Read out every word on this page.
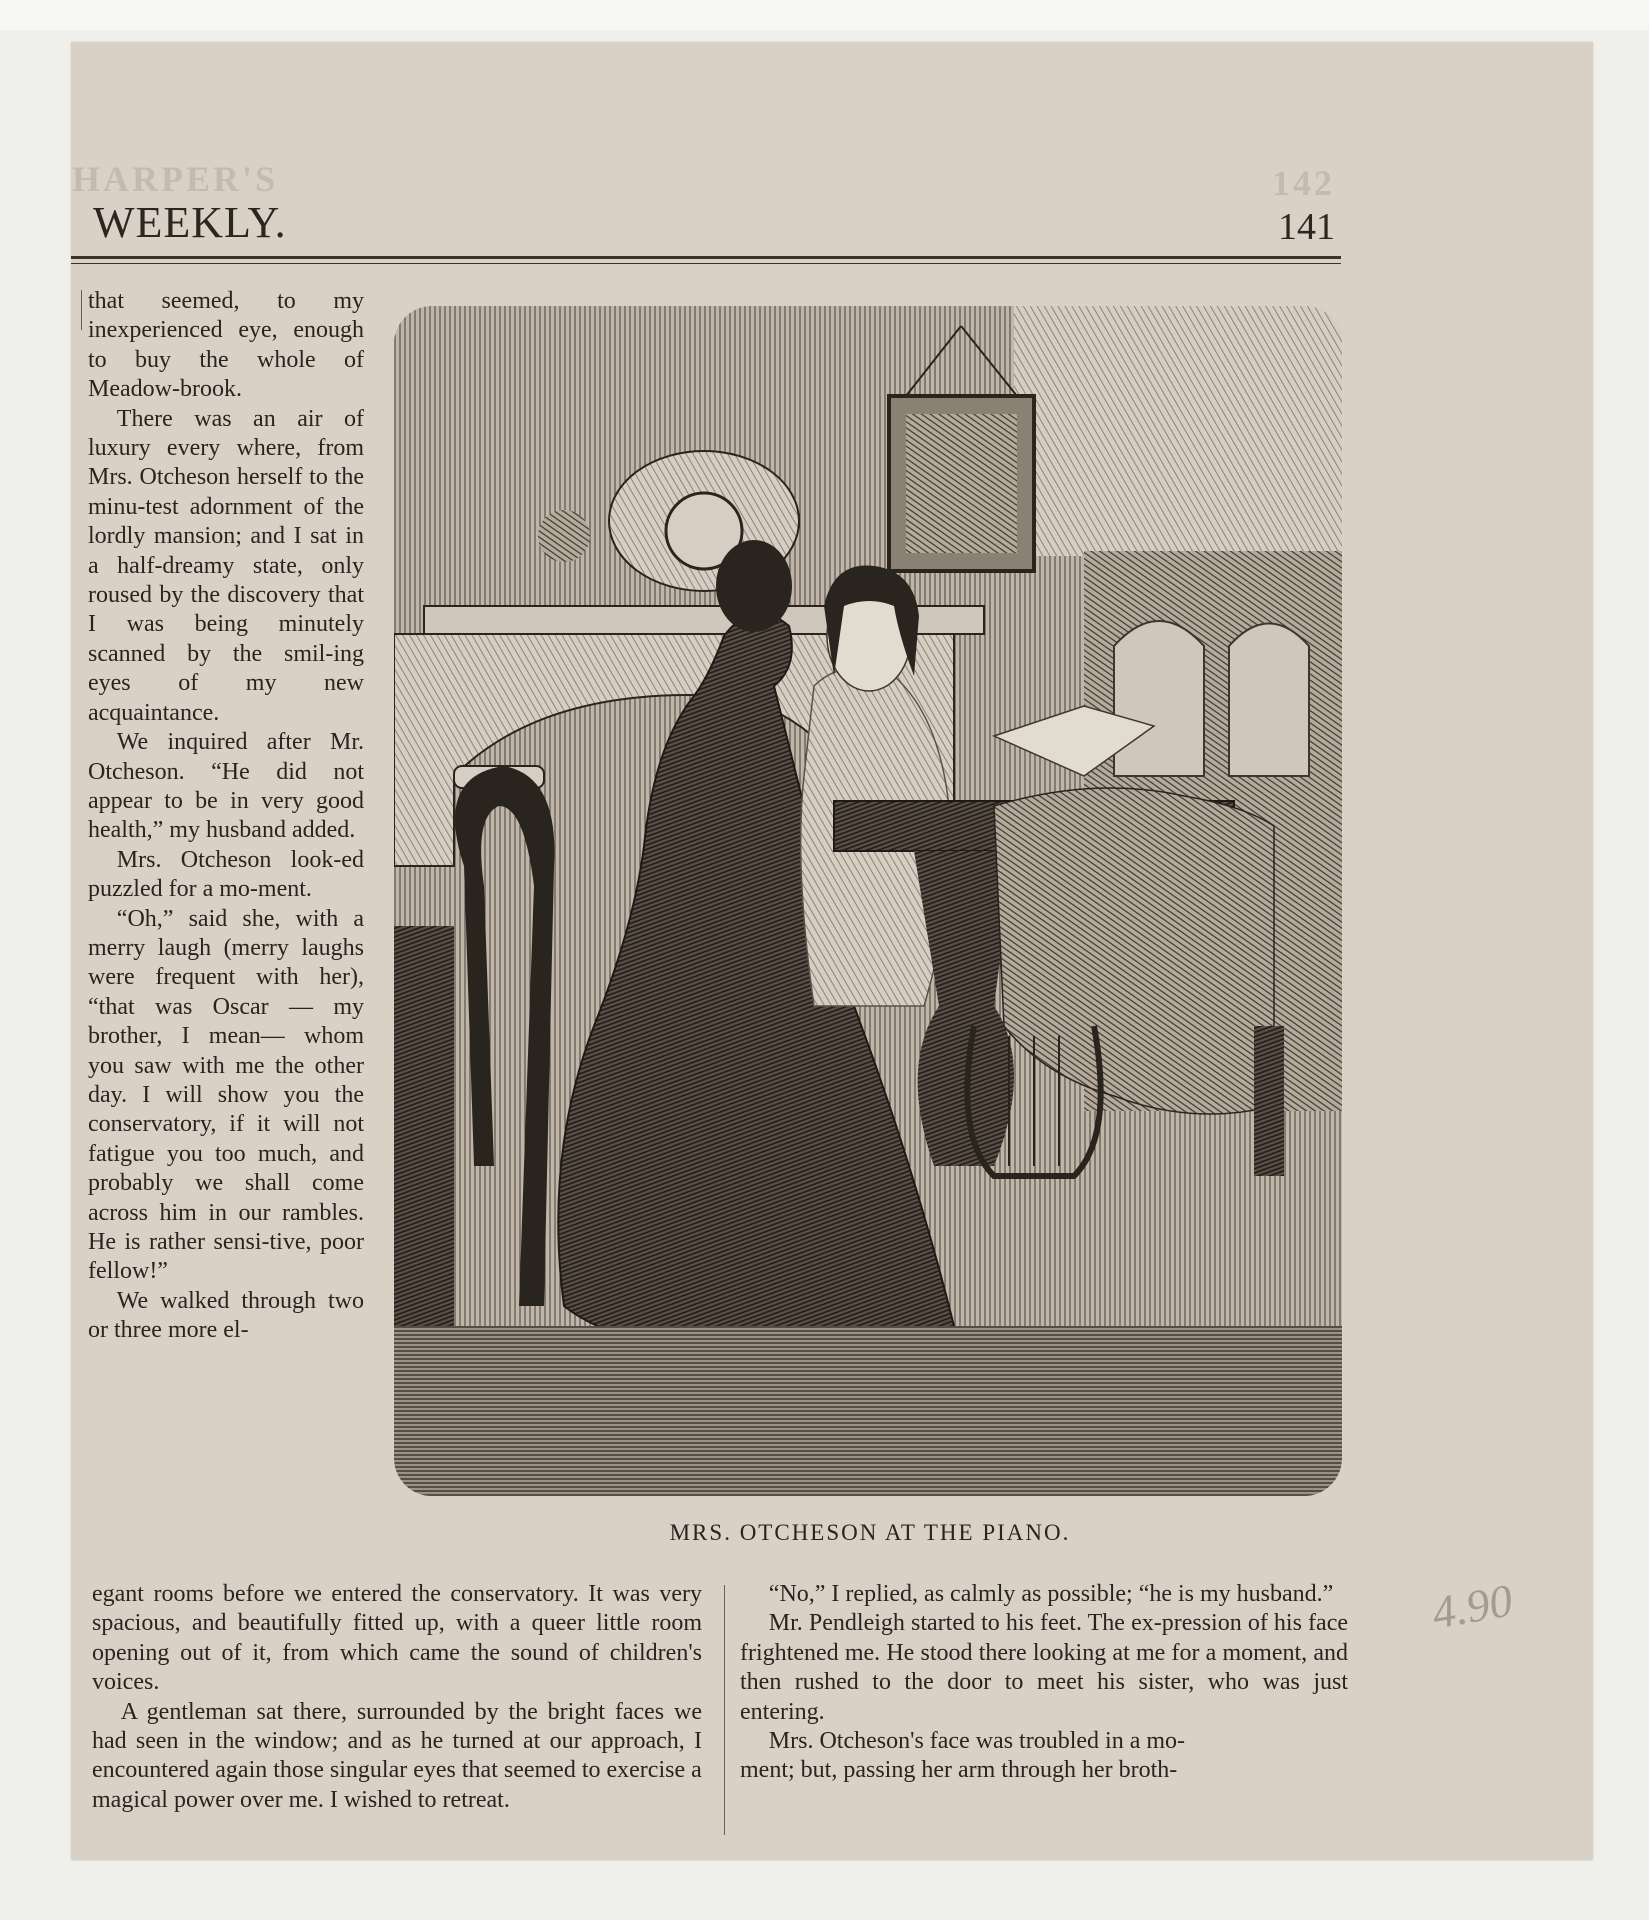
HARPER'S	142
WEEKLY.	141

that seemed, to my inexperienced eye, enough to buy the whole of Meadow-brook.

There was an air of luxury every where, from Mrs. Otcheson herself to the minu-test adornment of the lordly mansion; and I sat in a half-dreamy state, only roused by the discovery that I was being minutely scanned by the smil-ing eyes of my new acquaintance.

We inquired after Mr. Otcheson. “He did not appear to be in very good health,” my husband added.

Mrs. Otcheson look-ed puzzled for a mo-ment.

“Oh,” said she, with a merry laugh (merry laughs were frequent with her), “that was Oscar — my brother, I mean— whom you saw with me the other day. I will show you the conservatory, if it will not fatigue you too much, and probably we shall come across him in our rambles. He is rather sensi-tive, poor fellow!”

We walked through two or three more el-

MRS. OTCHESON AT THE PIANO.

egant rooms before we entered the conservatory. It was very spacious, and beautifully fitted up, with a queer little room opening out of it, from which came the sound of children's voices.

A gentleman sat there, surrounded by the bright faces we had seen in the window; and as he turned at our approach, I encountered again those singular eyes that seemed to exercise a

magical power over me. I wished to retreat.

“No,” I replied, as calmly as possible; “he is my husband.”

Mr. Pendleigh started to his feet. The ex-pression of his face frightened me. He stood there looking at me for a moment, and then rushed to the door to meet his sister, who was just entering.

Mrs. Otcheson's face was troubled in a mo-

ment; but, passing her arm through her broth-

4.90
